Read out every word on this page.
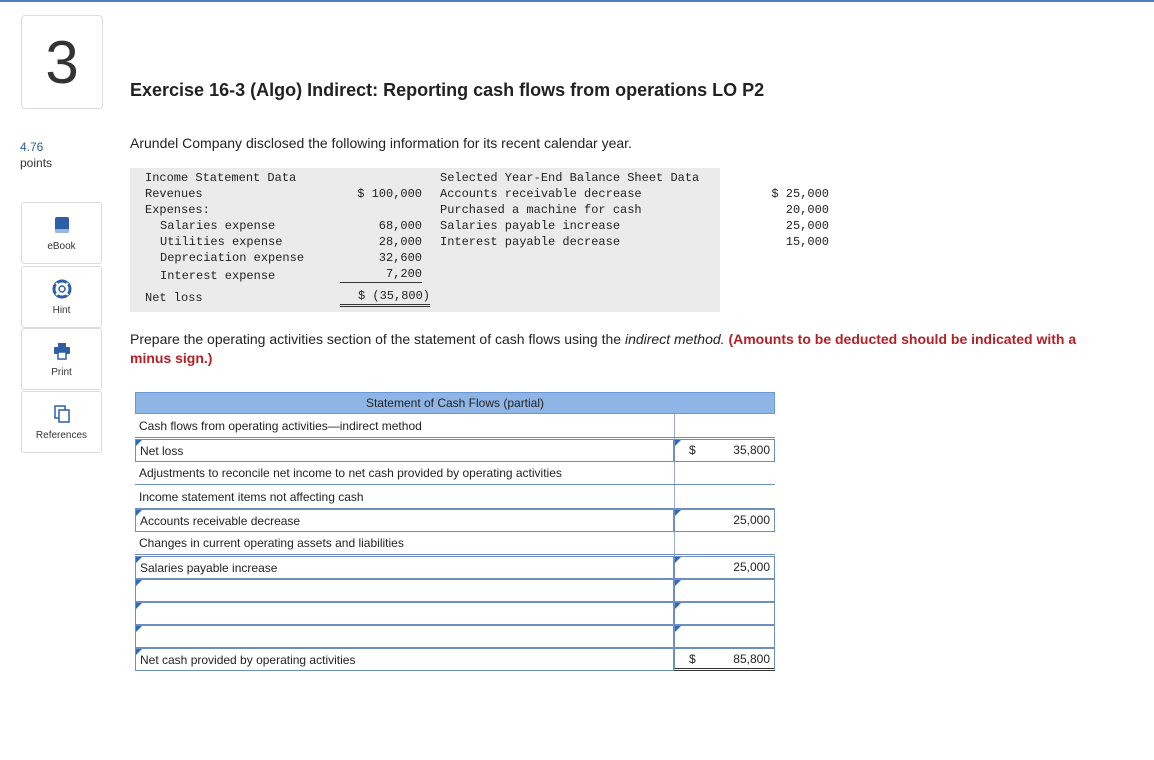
3	Exercise 16-3 (Algo) Indirect: Reporting cash flows from operations LO P2
4.76
points
eBook
Hint
Print
References
Arundel Company disclosed the following information for its recent calendar year.
Income Statement Data
Revenues	$ 100,000
Expenses:
Salaries expense	68,000
Utilities expense	28,000
Depreciation expense	32,600
Interest expense	7,200
Net loss	$ (35,800)
Selected Year-End Balance Sheet Data
Accounts receivable decrease	$ 25,000
Purchased a machine for cash	20,000
Salaries payable increase	25,000
Interest payable decrease	15,000
Prepare the operating activities section of the statement of cash flows using the indirect method. (Amounts to be deducted should be indicated with a minus sign.)
Statement of Cash Flows (partial)
Cash flows from operating activities—indirect method
Net loss	$	35,800
Adjustments to reconcile net income to net cash provided by operating activities
Income statement items not affecting cash
Accounts receivable decrease	25,000
Changes in current operating assets and liabilities
Salaries payable increase	25,000
Net cash provided by operating activities	$	85,800
